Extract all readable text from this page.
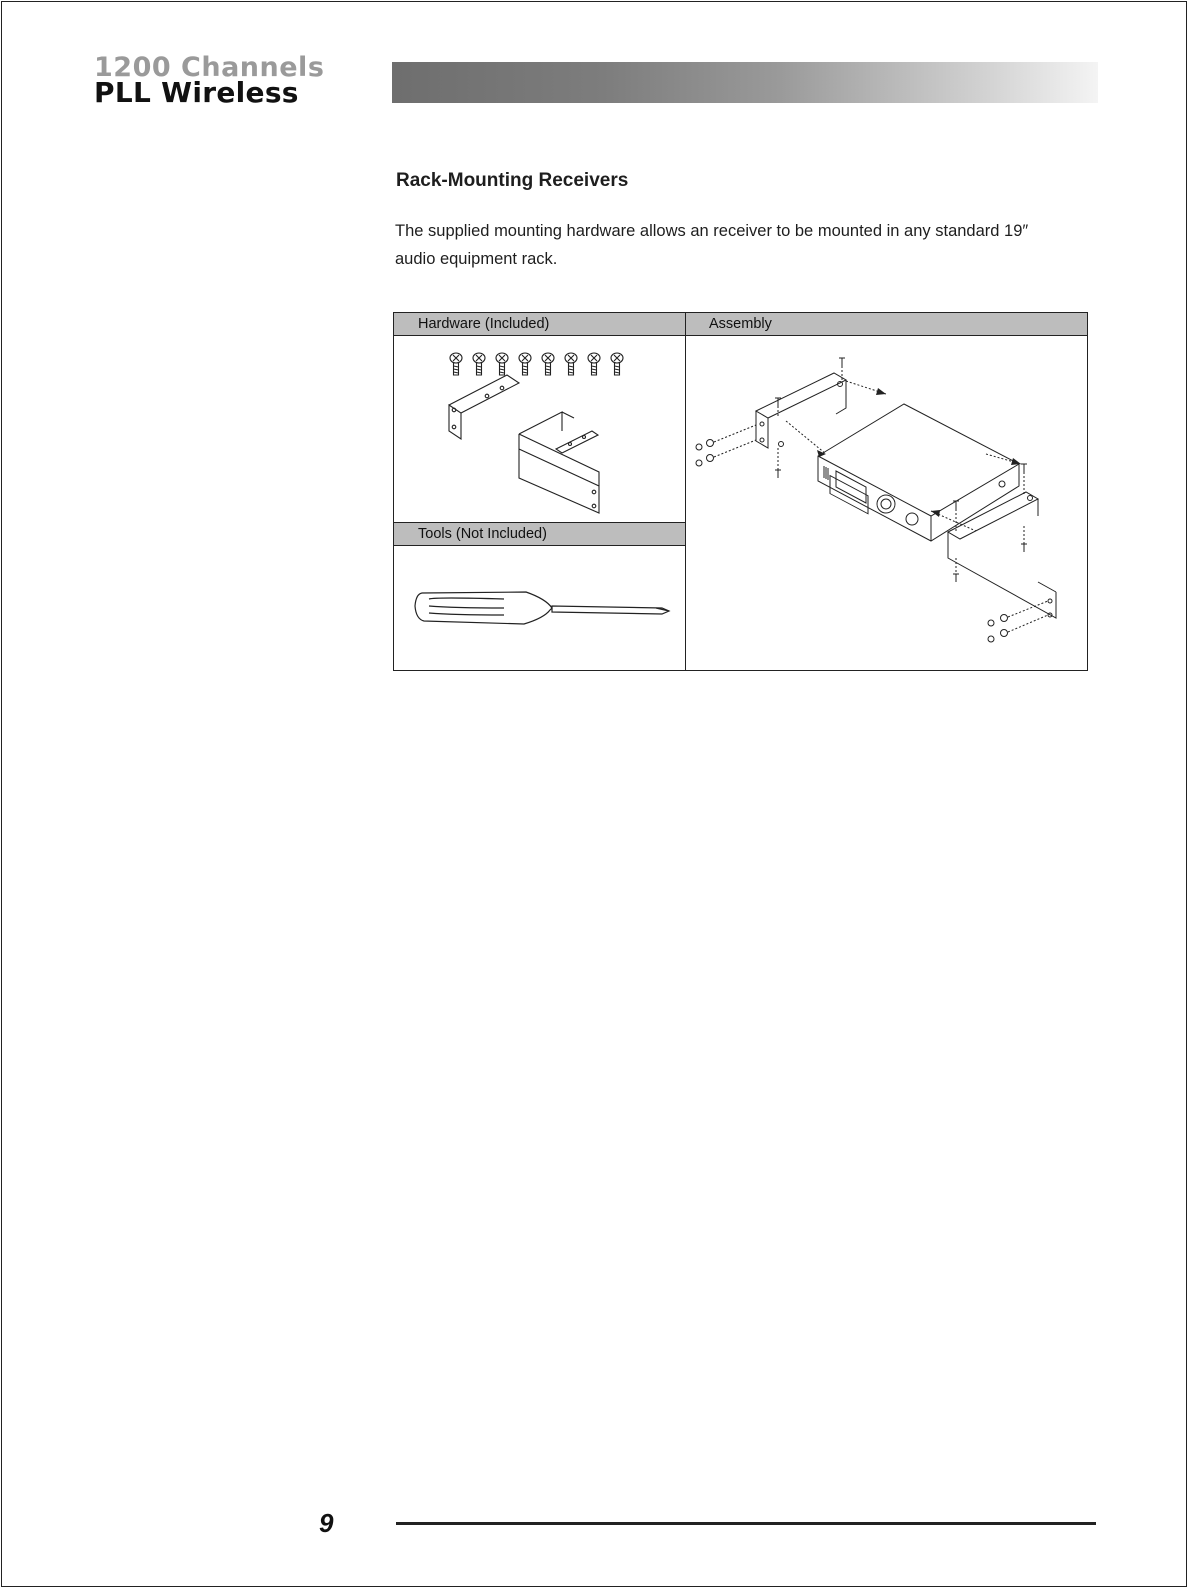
1200 Channels
PLL Wireless
Rack-Mounting Receivers
The supplied mounting hardware allows an receiver to be mounted in any standard 19″
audio equipment rack.
Hardware (Included)	Assembly
Tools (Not Included)
9
